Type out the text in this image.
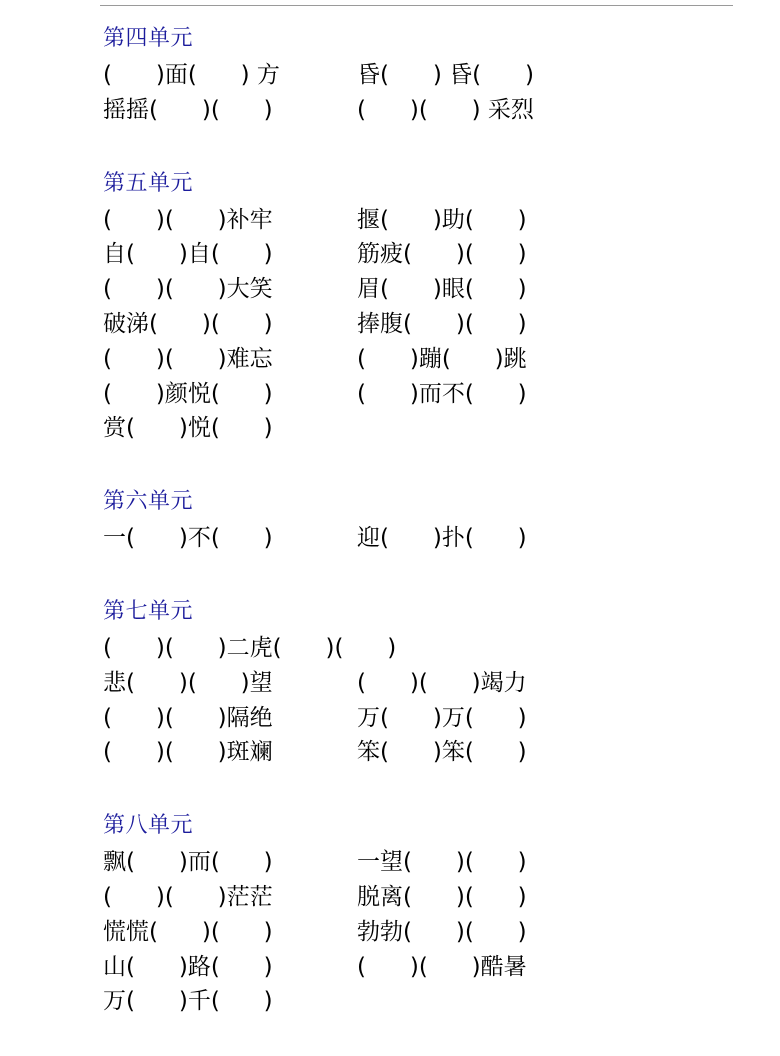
第四单元
(      )面(      ) 方	昏(      ) 昏(      )
摇摇(      )(      )	(      )(      ) 采烈
第五单元
(      )(      )补牢	揠(      )助(      )
自(      )自(      )	筋疲(      )(      )
(      )(      )大笑	眉(      )眼(      )
破涕(      )(      )	捧腹(      )(      )
(      )(      )难忘	(      )蹦(      )跳
(      )颜悦(      )	(      )而不(      )
赏(      )悦(      )
第六单元
一(      )不(      )	迎(      )扑(      )
第七单元
(      )(      )二虎(      )(      )
悲(      )(      )望	(      )(      )竭力
(      )(      )隔绝	万(      )万(      )
(      )(      )斑斓	笨(      )笨(      )
第八单元
飘(      )而(      )	一望(      )(      )
(      )(      )茫茫	脱离(      )(      )
慌慌(      )(      )	勃勃(      )(      )
山(      )路(      )	(      )(      )酷暑
万(      )千(      )
